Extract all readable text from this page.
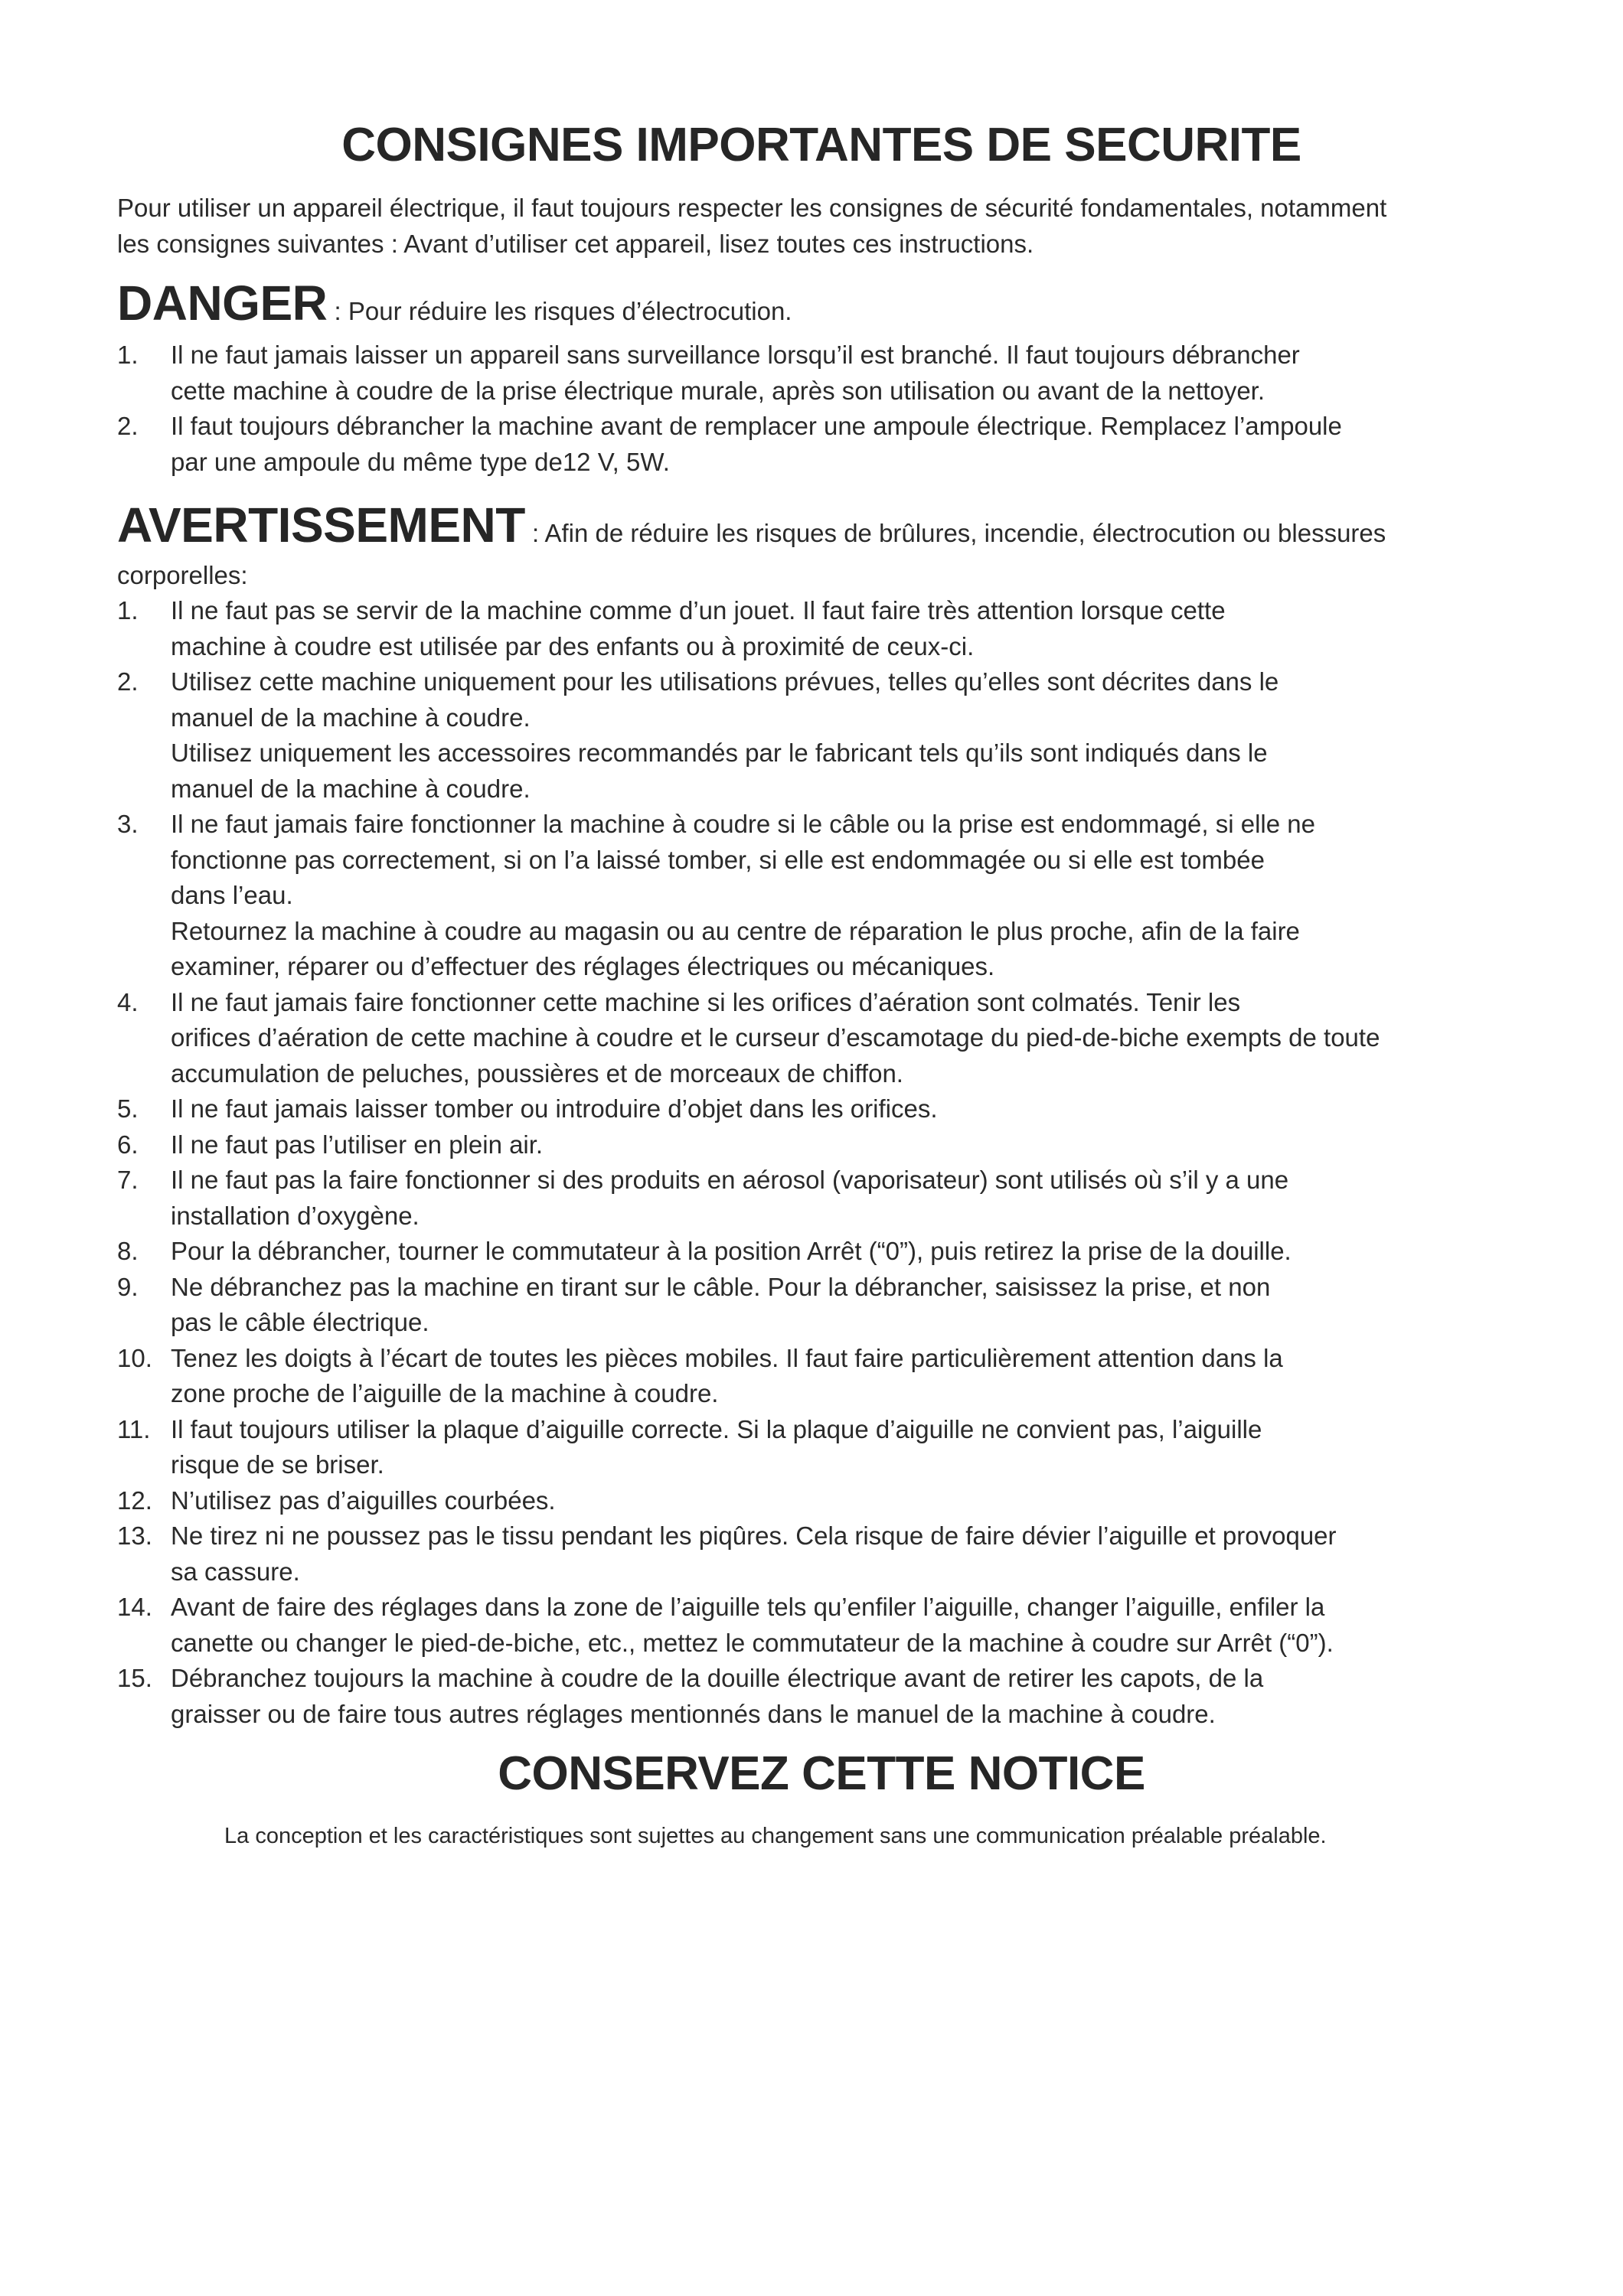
CONSIGNES IMPORTANTES DE SECURITE
Pour utiliser un appareil électrique, il faut toujours respecter les consignes de sécurité fondamentales, notamment
les consignes suivantes : Avant d’utiliser cet appareil, lisez toutes ces instructions.
DANGER : Pour réduire les risques d’électrocution.
1. Il ne faut jamais laisser un appareil sans surveillance lorsqu’il est branché. Il faut toujours débrancher
cette machine à coudre de la prise électrique murale, après son utilisation ou avant de la nettoyer.
2. Il faut toujours débrancher la machine avant de remplacer une ampoule électrique. Remplacez l’ampoule
par une ampoule du même type de12 V, 5W.
AVERTISSEMENT : Afin de réduire les risques de brûlures, incendie, électrocution ou blessures
corporelles:
1. Il ne faut pas se servir de la machine comme d’un jouet. Il faut faire très attention lorsque cette
machine à coudre est utilisée par des enfants ou à proximité de ceux-ci.
2. Utilisez cette machine uniquement pour les utilisations prévues, telles qu’elles sont décrites dans le
manuel de la machine à coudre.
Utilisez uniquement les accessoires recommandés par le fabricant tels qu’ils sont indiqués dans le
manuel de la machine à coudre.
3. Il ne faut jamais faire fonctionner la machine à coudre si le câble ou la prise est endommagé, si elle ne
fonctionne pas correctement, si on l’a laissé tomber, si elle est endommagée ou si elle est tombée
dans l’eau.
Retournez la machine à coudre au magasin ou au centre de réparation le plus proche, afin de la faire
examiner, réparer ou d’effectuer des réglages électriques ou mécaniques.
4. Il ne faut jamais faire fonctionner cette machine si les orifices d’aération sont colmatés. Tenir les
orifices d’aération de cette machine à coudre et le curseur d’escamotage du pied-de-biche exempts de toute
accumulation de peluches, poussières et de morceaux de chiffon.
5. Il ne faut jamais laisser tomber ou introduire d’objet dans les orifices.
6. Il ne faut pas l’utiliser en plein air.
7. Il ne faut pas la faire fonctionner si des produits en aérosol (vaporisateur) sont utilisés où s’il y a une
installation d’oxygène.
8. Pour la débrancher, tourner le commutateur à la position Arrêt (“0”), puis retirez la prise de la douille.
9. Ne débranchez pas la machine en tirant sur le câble. Pour la débrancher, saisissez la prise, et non
pas le câble électrique.
10. Tenez les doigts à l’écart de toutes les pièces mobiles. Il faut faire particulièrement attention dans la
zone proche de l’aiguille de la machine à coudre.
11. Il faut toujours utiliser la plaque d’aiguille correcte. Si la plaque d’aiguille ne convient pas, l’aiguille
risque de se briser.
12. N’utilisez pas d’aiguilles courbées.
13. Ne tirez ni ne poussez pas le tissu pendant les piqûres. Cela risque de faire dévier l’aiguille et provoquer
sa cassure.
14. Avant de faire des réglages dans la zone de l’aiguille tels qu’enfiler l’aiguille, changer l’aiguille, enfiler la
canette ou changer le pied-de-biche, etc., mettez le commutateur de la machine à coudre sur Arrêt (“0”).
15. Débranchez toujours la machine à coudre de la douille électrique avant de retirer les capots, de la
graisser ou de faire tous autres réglages mentionnés dans le manuel de la machine à coudre.
CONSERVEZ CETTE NOTICE
La conception et les caractéristiques sont sujettes au changement sans une communication préalable préalable.
